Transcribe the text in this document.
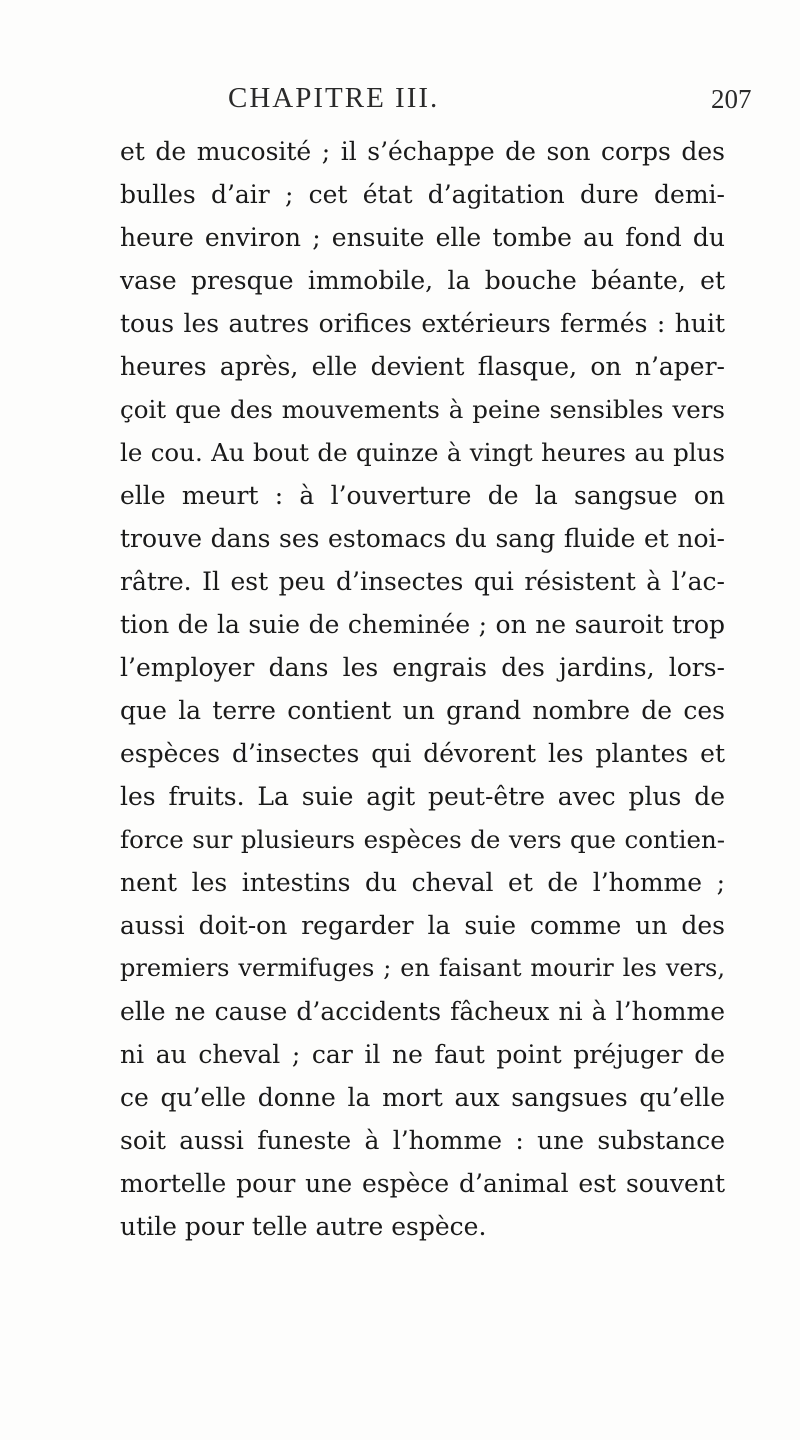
CHAPITRE III.	207
et de mucosité ; il s’échappe de son corps des
bulles d’air ; cet état d’agitation dure demi-
heure environ ; ensuite elle tombe au fond du
vase presque immobile, la bouche béante, et
tous les autres orifices extérieurs fermés : huit
heures après, elle devient flasque, on n’aper-
çoit que des mouvements à peine sensibles vers
le cou. Au bout de quinze à vingt heures au plus
elle meurt : à l’ouverture de la sangsue on
trouve dans ses estomacs du sang fluide et noi-
râtre. Il est peu d’insectes qui résistent à l’ac-
tion de la suie de cheminée ; on ne sauroit trop
l’employer dans les engrais des jardins, lors-
que la terre contient un grand nombre de ces
espèces d’insectes qui dévorent les plantes et
les fruits. La suie agit peut-être avec plus de
force sur plusieurs espèces de vers que contien-
nent les intestins du cheval et de l’homme ;
aussi doit-on regarder la suie comme un des
premiers vermifuges ; en faisant mourir les vers,
elle ne cause d’accidents fâcheux ni à l’homme
ni au cheval ; car il ne faut point préjuger de
ce qu’elle donne la mort aux sangsues qu’elle
soit aussi funeste à l’homme : une substance
mortelle pour une espèce d’animal est souvent
utile pour telle autre espèce.
